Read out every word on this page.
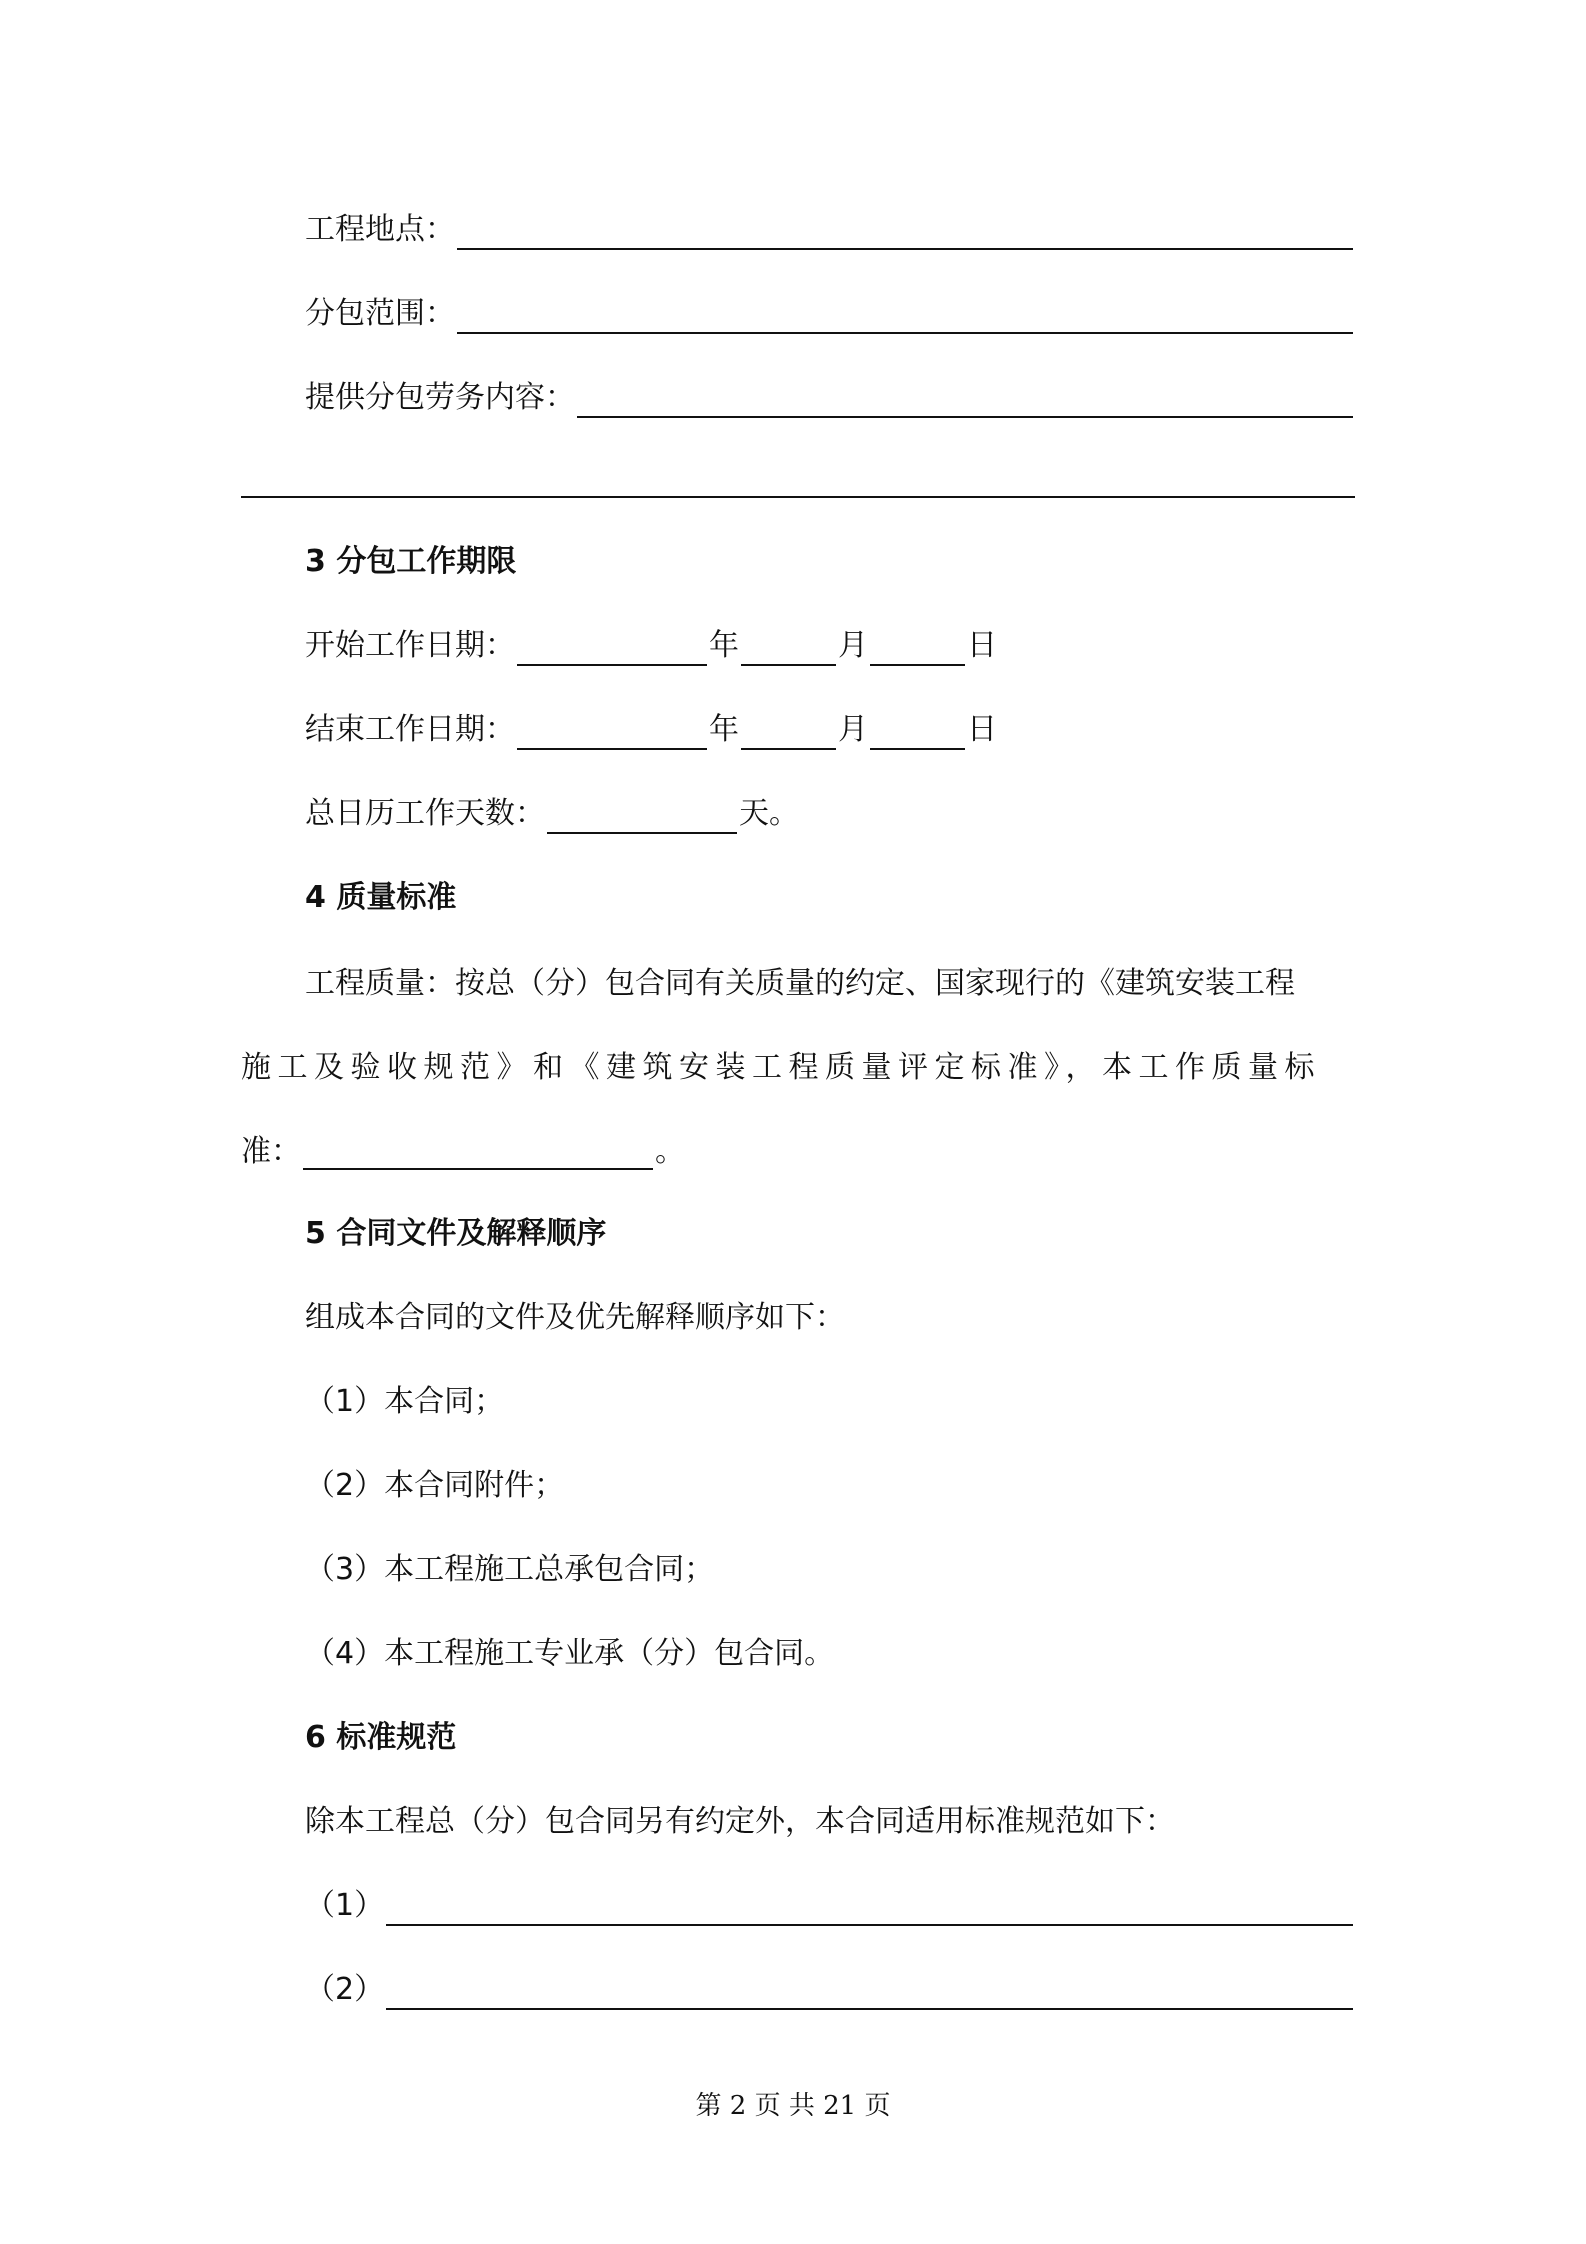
工程地点：
分包范围：
提供分包劳务内容：
3 分包工作期限
开始工作日期：	年	月	日
结束工作日期：	年	月	日
总日历工作天数：	天。
4 质量标准
工程质量：按总（分）包合同有关质量的约定、国家现行的《建筑安装工程
施工及验收规范》和《建筑安装工程质量评定标准》，本工作质量标
准：	。
5 合同文件及解释顺序
组成本合同的文件及优先解释顺序如下：
（1）本合同；
（2）本合同附件；
（3）本工程施工总承包合同；
（4）本工程施工专业承（分）包合同。
6 标准规范
除本工程总（分）包合同另有约定外，本合同适用标准规范如下：
（1）
（2）
第 2 页 共 21 页
